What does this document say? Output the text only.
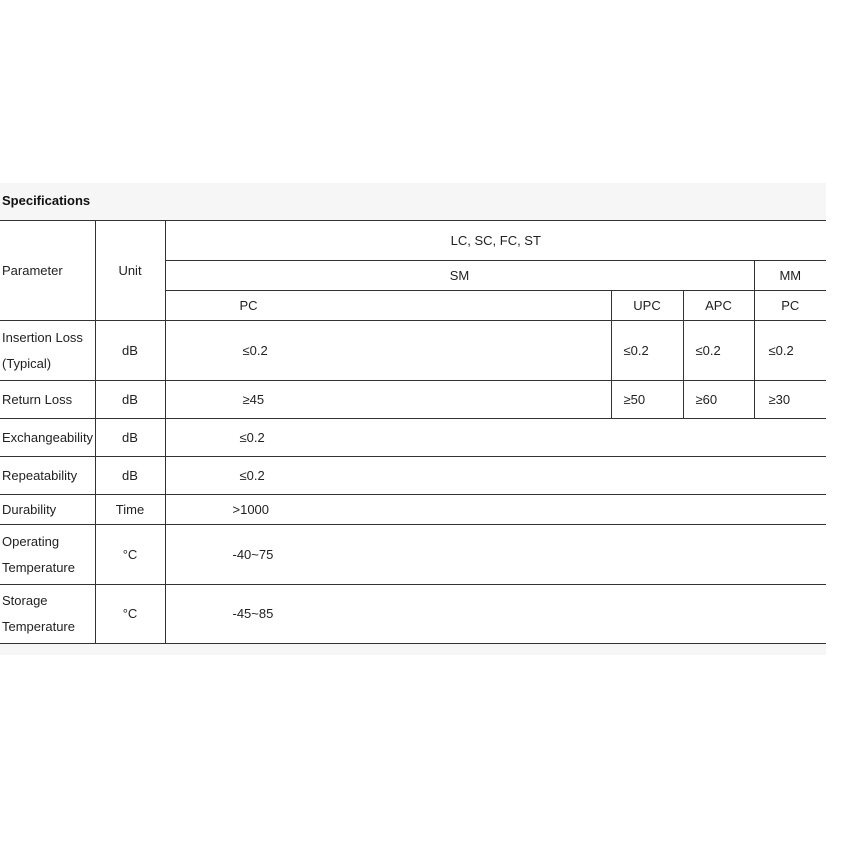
Specifications
Parameter	Unit	LC, SC, FC, ST			
		SM			MM
		PC	UPC	APC	PC
Insertion Loss (Typical)	dB	≤0.2	≤0.2	≤0.2	≤0.2
Return Loss	dB	≥45	≥50	≥60	≥30
Exchangeability	dB	≤0.2			
Repeatability	dB	≤0.2			
Durability	Time	>1000			
Operating Temperature	°C	-40~75			
Storage Temperature	°C	-45~85			
